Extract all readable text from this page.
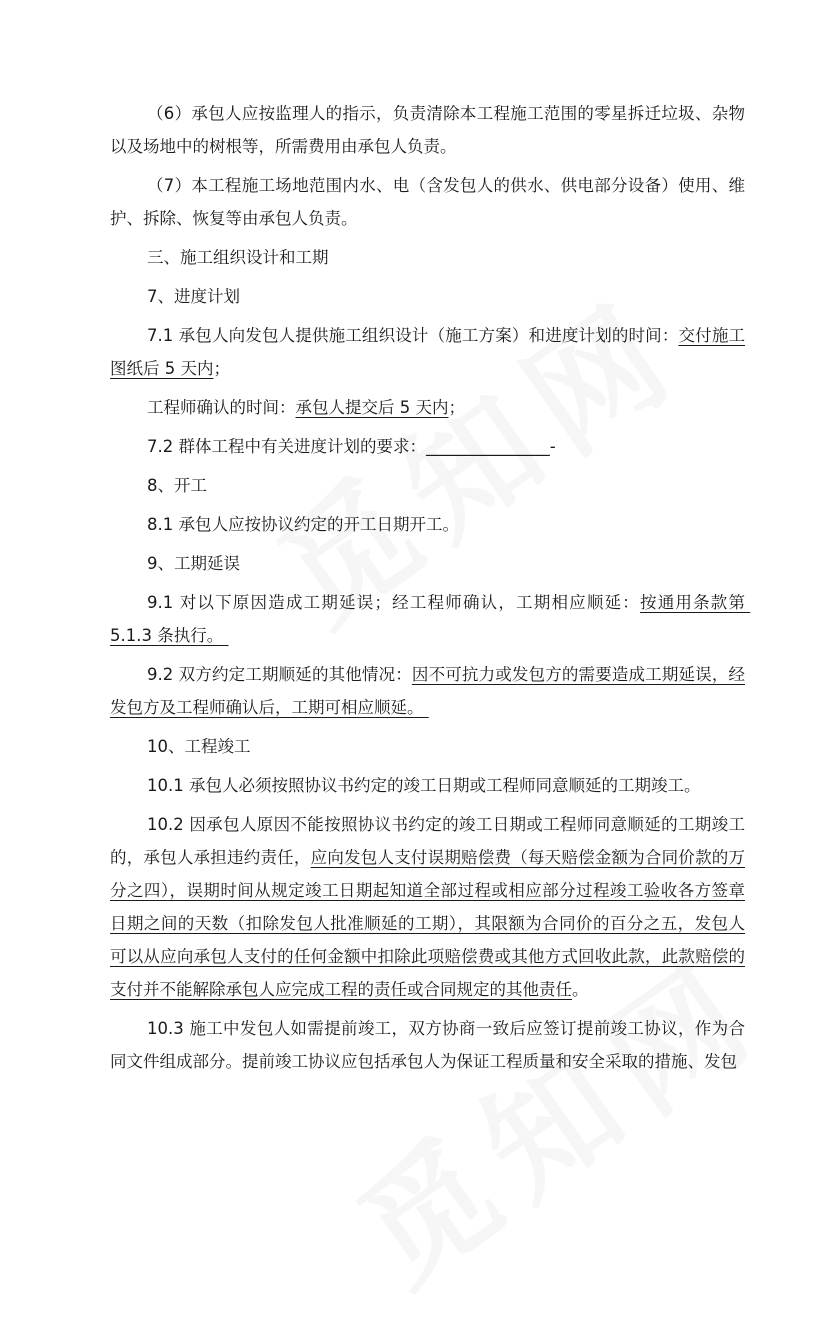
（6）承包人应按监理人的指示，负责清除本工程施工范围的零星拆迁垃圾、杂物以及场地中的树根等，所需费用由承包人负责。

（7）本工程施工场地范围内水、电（含发包人的供水、供电部分设备）使用、维护、拆除、恢复等由承包人负责。

三、施工组织设计和工期

7、进度计划

7.1 承包人向发包人提供施工组织设计（施工方案）和进度计划的时间：交付施工图纸后 5 天内；

工程师确认的时间：承包人提交后 5 天内；

7.2 群体工程中有关进度计划的要求：_______________-

8、开工

8.1 承包人应按协议约定的开工日期开工。

9、工期延误

9.1 对以下原因造成工期延误；经工程师确认，工期相应顺延：按通用条款第 5.1.3 条执行。

9.2 双方约定工期顺延的其他情况：因不可抗力或发包方的需要造成工期延误，经发包方及工程师确认后，工期可相应顺延。

10、工程竣工

10.1 承包人必须按照协议书约定的竣工日期或工程师同意顺延的工期竣工。

10.2 因承包人原因不能按照协议书约定的竣工日期或工程师同意顺延的工期竣工的，承包人承担违约责任，应向发包人支付误期赔偿费（每天赔偿金额为合同价款的万分之四），误期时间从规定竣工日期起知道全部过程或相应部分过程竣工验收各方签章日期之间的天数（扣除发包人批准顺延的工期），其限额为合同价的百分之五，发包人可以从应向承包人支付的任何金额中扣除此项赔偿费或其他方式回收此款，此款赔偿的支付并不能解除承包人应完成工程的责任或合同规定的其他责任。

10.3 施工中发包人如需提前竣工，双方协商一致后应签订提前竣工协议，作为合同文件组成部分。提前竣工协议应包括承包人为保证工程质量和安全采取的措施、发包
